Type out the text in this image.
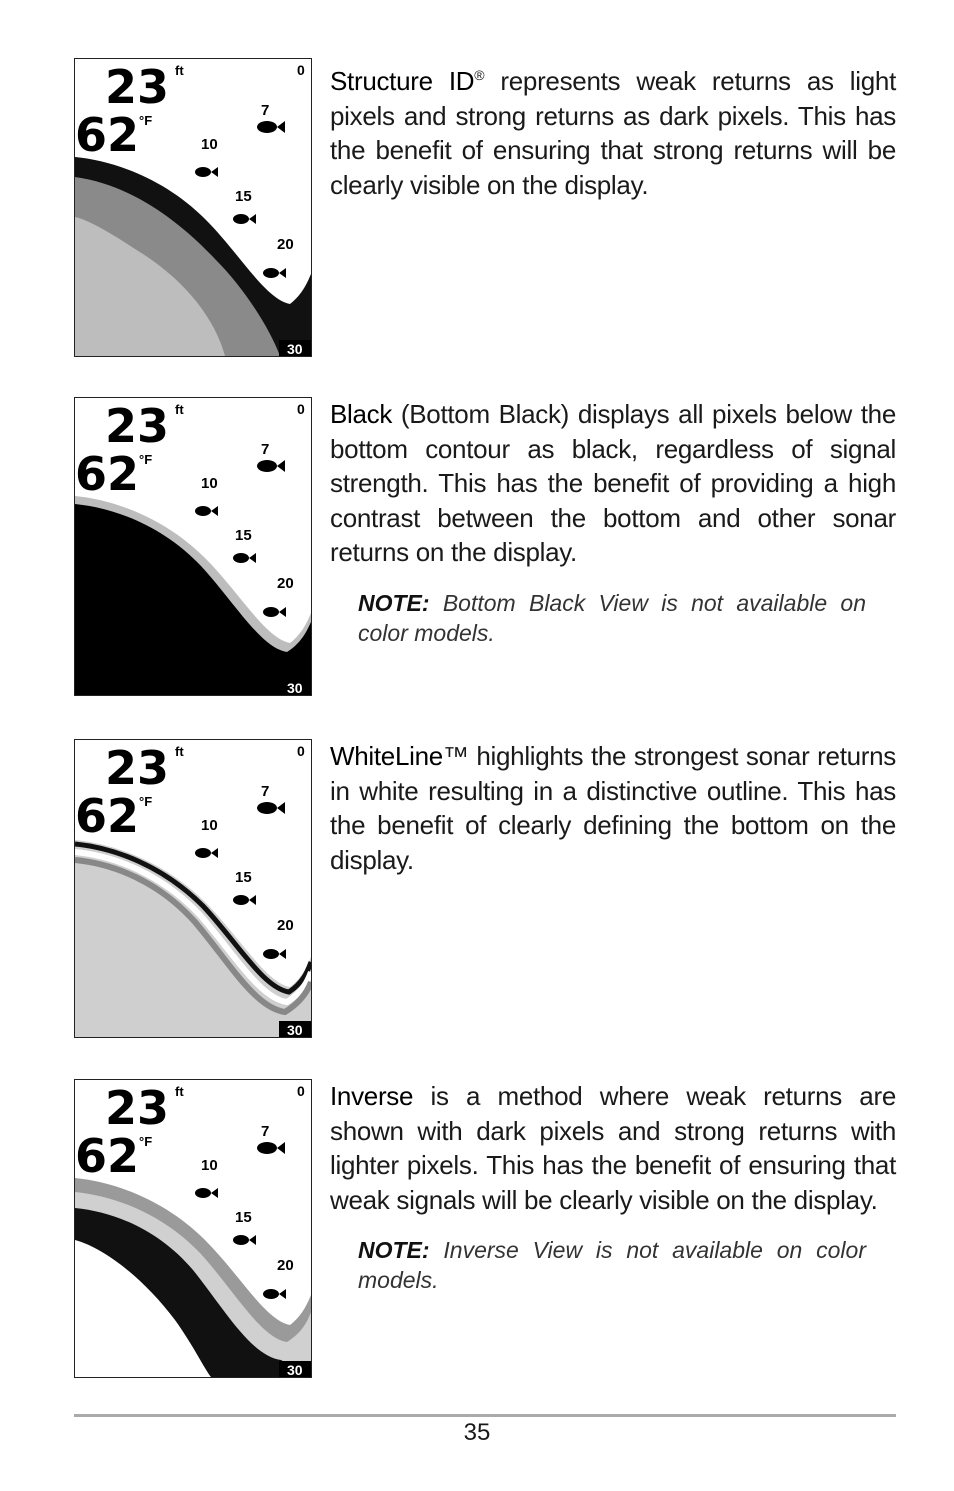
23 ft
62 °F
0
30
7
10
15
20

Structure ID® represents weak returns as light pixels and strong returns as dark pixels. This has the benefit of ensuring that strong returns will be clearly visible on the display.

23 ft
62 °F
0
30
7
10
15
20

Black (Bottom Black) displays all pixels below the bottom contour as black, regardless of signal strength. This has the benefit of providing a high contrast between the bottom and other sonar returns on the display.

NOTE: Bottom Black View is not available on color models.

23 ft
62 °F
0
30
7
10
15
20

WhiteLine™ highlights the strongest sonar returns in white resulting in a distinctive outline. This has the benefit of clearly defining the bottom on the display.

23 ft
62 °F
0
30
7
10
15
20

Inverse is a method where weak returns are shown with dark pixels and strong returns with lighter pixels. This has the benefit of ensuring that weak signals will be clearly visible on the display.

NOTE: Inverse View is not available on color models.

35
